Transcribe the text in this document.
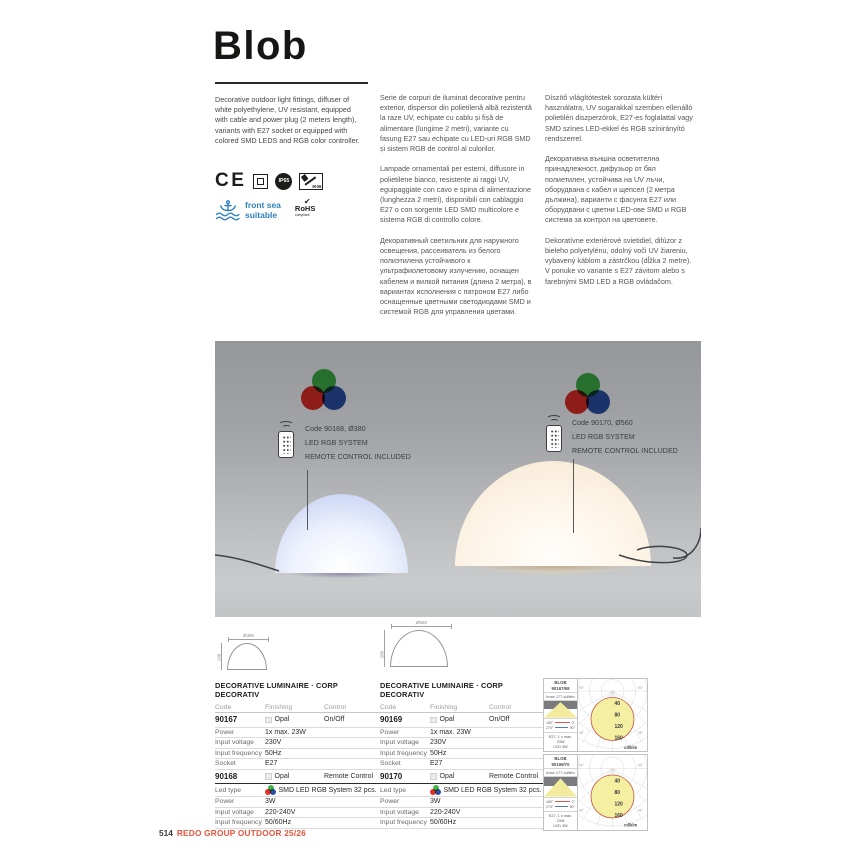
Blob

Decorative outdoor light fittings, diffuser of white polyethylene, UV resistant, equipped with cable and power plug (2 meters length), variants with E27 socket or equipped with colored SMD LEDS and RGB color controller.

CE	IP65
IK06
front sea
suitable
✔
RoHS
compliant

Serie de corpuri de iluminat decorative pentru exterior, dispersor din polietilenă albă rezistentă la raze UV, echipate cu cablu și fișă de alimentare (lungime 2 metri), variante cu fasung E27 sau echipate cu LED-uri RGB SMD și sistem RGB de control al culorilor.

Lampade ornamentali per esterni, diffusore in polietilene bianco, resistente ai raggi UV, eguipaggiate con cavo e spina di alimentazione (lunghezza 2 metri), disponibili con cablaggio E27 o con sorgente LED SMD multicolore e sistema RGB di controllo colore.

Декоративный светильник для наружного освещения, рассеиватель из белого полиэтилена устойчивого к ультрафиолетовому излучению, оснащен кабелем и вилкой питания (длина 2 метра), в вариантах исполнения с патроном E27 либо оснащенные цветными светодиодами SMD и системой RGB для управления цветами.

Díszítő világítótestek sorozata kültéri használatra, UV sugarakkal szemben ellenálló polietilén diszperzórok, E27-es foglalattal vagy SMD színes LED-ekkel és RGB színirányító rendszerrel.

Декоративна външна осветителна принадлежност, дифузьор от бял полиетилен, устойчива на UV лъчи, оборудвана с кабел и щепсел (2 метра дължина), варианти с фасунга E27 или оборудвани с цветни LED-ове SMD и RGB система за контрол на цветовете.

Dekoratívne exteriérové svietidiel, difúzor z bieleho polyetylénu, odolný voči UV žiareniu, vybavený káblom a zástrčkou (dĺžka 2 metre). V ponuke vo variante s E27 závitom alebo s farebnými SMD LED a RGB ovládačom.

Code 90168, Ø380
LED RGB SYSTEM
REMOTE CONTROL INCLUDED
Code 90170, Ø560
LED RGB SYSTEM
REMOTE CONTROL INCLUDED
Ø380
190
Ø560
280
DECORATIVE LUMINAIRE · CORP DECORATIV
Code	Finishing	Control
90167	Opal	On/Off
Power	1x max. 23W
Input voltage	230V
Input frequency 50Hz
Socket	E27
90168	Opal	Remote Control
Led type	SMD LED RGB System 32 pcs.
Power	3W
Input voltage	220-240V
Input frequency 50/60Hz
DECORATIVE LUMINAIRE · CORP DECORATIV
Code	Finishing	Control
90169	Opal	On/Off
Power	1x max. 23W
Input voltage	230V
Input frequency 50Hz
Socket	E27
90170	Opal	Remote Control
Led type	SMD LED RGB System 32 pcs.
Power	3W
Input voltage	220-240V
Input frequency 50/60Hz
BLOB
90167/68
Imax 177 cd/klm
180°	0°
270°	90°
E27, 1 x max. 23W
LED 3W
90°	90°
45°	45°
40
80
120
160
cd/klm
BLOB
90169/70
Imax 177 cd/klm
180°	0°
270°	90°
E27, 1 x max. 23W
LED 3W
90°	90°
45°	45°
40
80
120
160
cd/klm
514 REDO GROUP OUTDOOR 25/26
